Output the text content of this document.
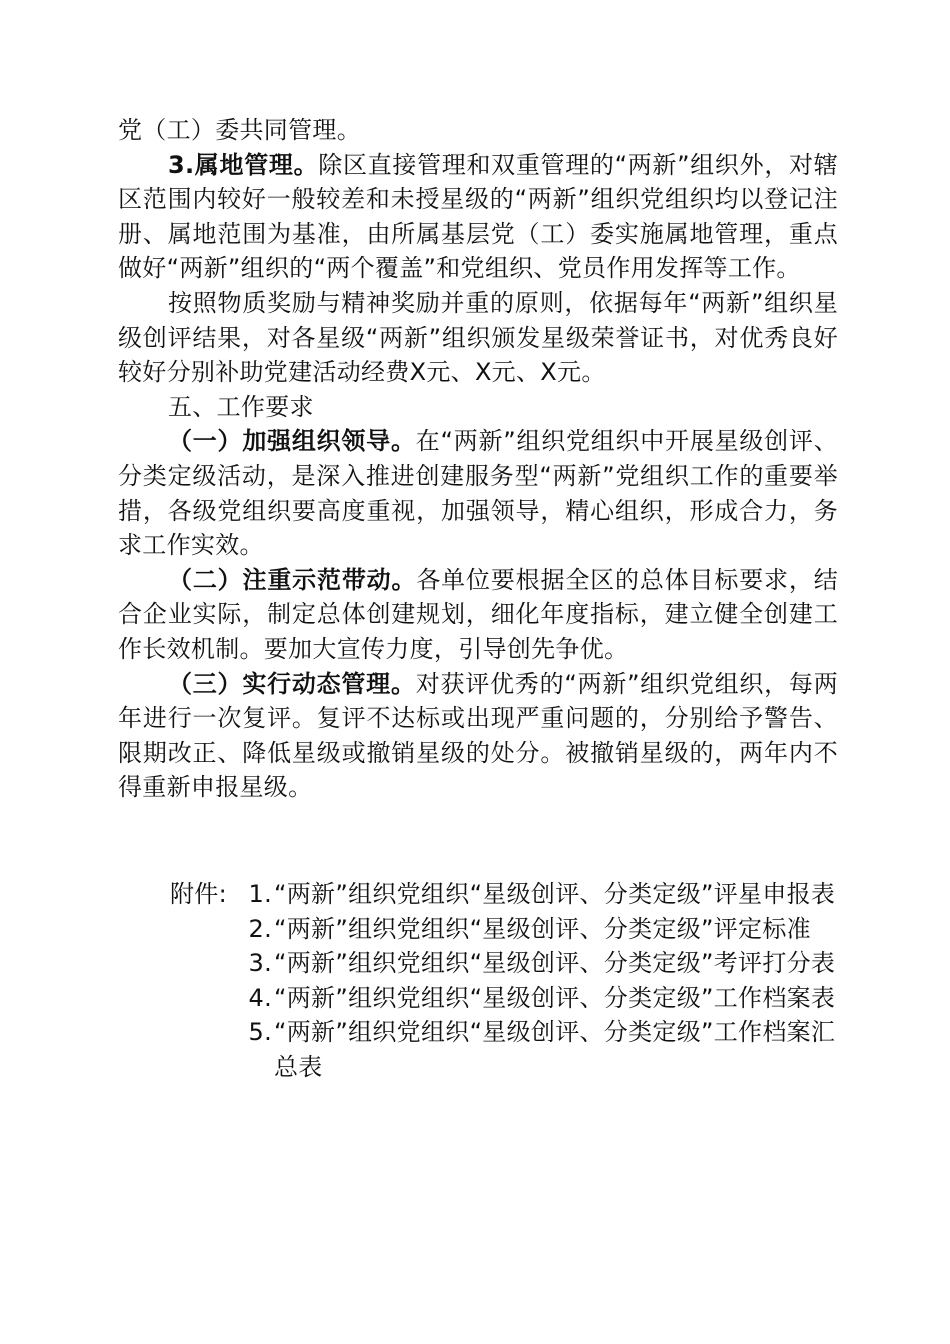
党（工）委共同管理。

3.属地管理。除区直接管理和双重管理的“两新”组织外，对辖区范围内较好一般较差和未授星级的“两新”组织党组织均以登记注册、属地范围为基准，由所属基层党（工）委实施属地管理，重点做好“两新”组织的“两个覆盖”和党组织、党员作用发挥等工作。

按照物质奖励与精神奖励并重的原则，依据每年“两新”组织星级创评结果，对各星级“两新”组织颁发星级荣誉证书，对优秀良好较好分别补助党建活动经费X元、X元、X元。

五、工作要求

（一）加强组织领导。在“两新”组织党组织中开展星级创评、分类定级活动，是深入推进创建服务型“两新”党组织工作的重要举措，各级党组织要高度重视，加强领导，精心组织，形成合力，务求工作实效。

（二）注重示范带动。各单位要根据全区的总体目标要求，结合企业实际，制定总体创建规划，细化年度指标，建立健全创建工作长效机制。要加大宣传力度，引导创先争优。

（三）实行动态管理。对获评优秀的“两新”组织党组织，每两年进行一次复评。复评不达标或出现严重问题的，分别给予警告、限期改正、降低星级或撤销星级的处分。被撤销星级的，两年内不得重新申报星级。

附件: 1. “两新”组织党组织“星级创评、分类定级”评星申报表
2. “两新”组织党组织“星级创评、分类定级”评定标准
3. “两新”组织党组织“星级创评、分类定级”考评打分表
4. “两新”组织党组织“星级创评、分类定级”工作档案表
5. “两新”组织党组织“星级创评、分类定级”工作档案汇总表
